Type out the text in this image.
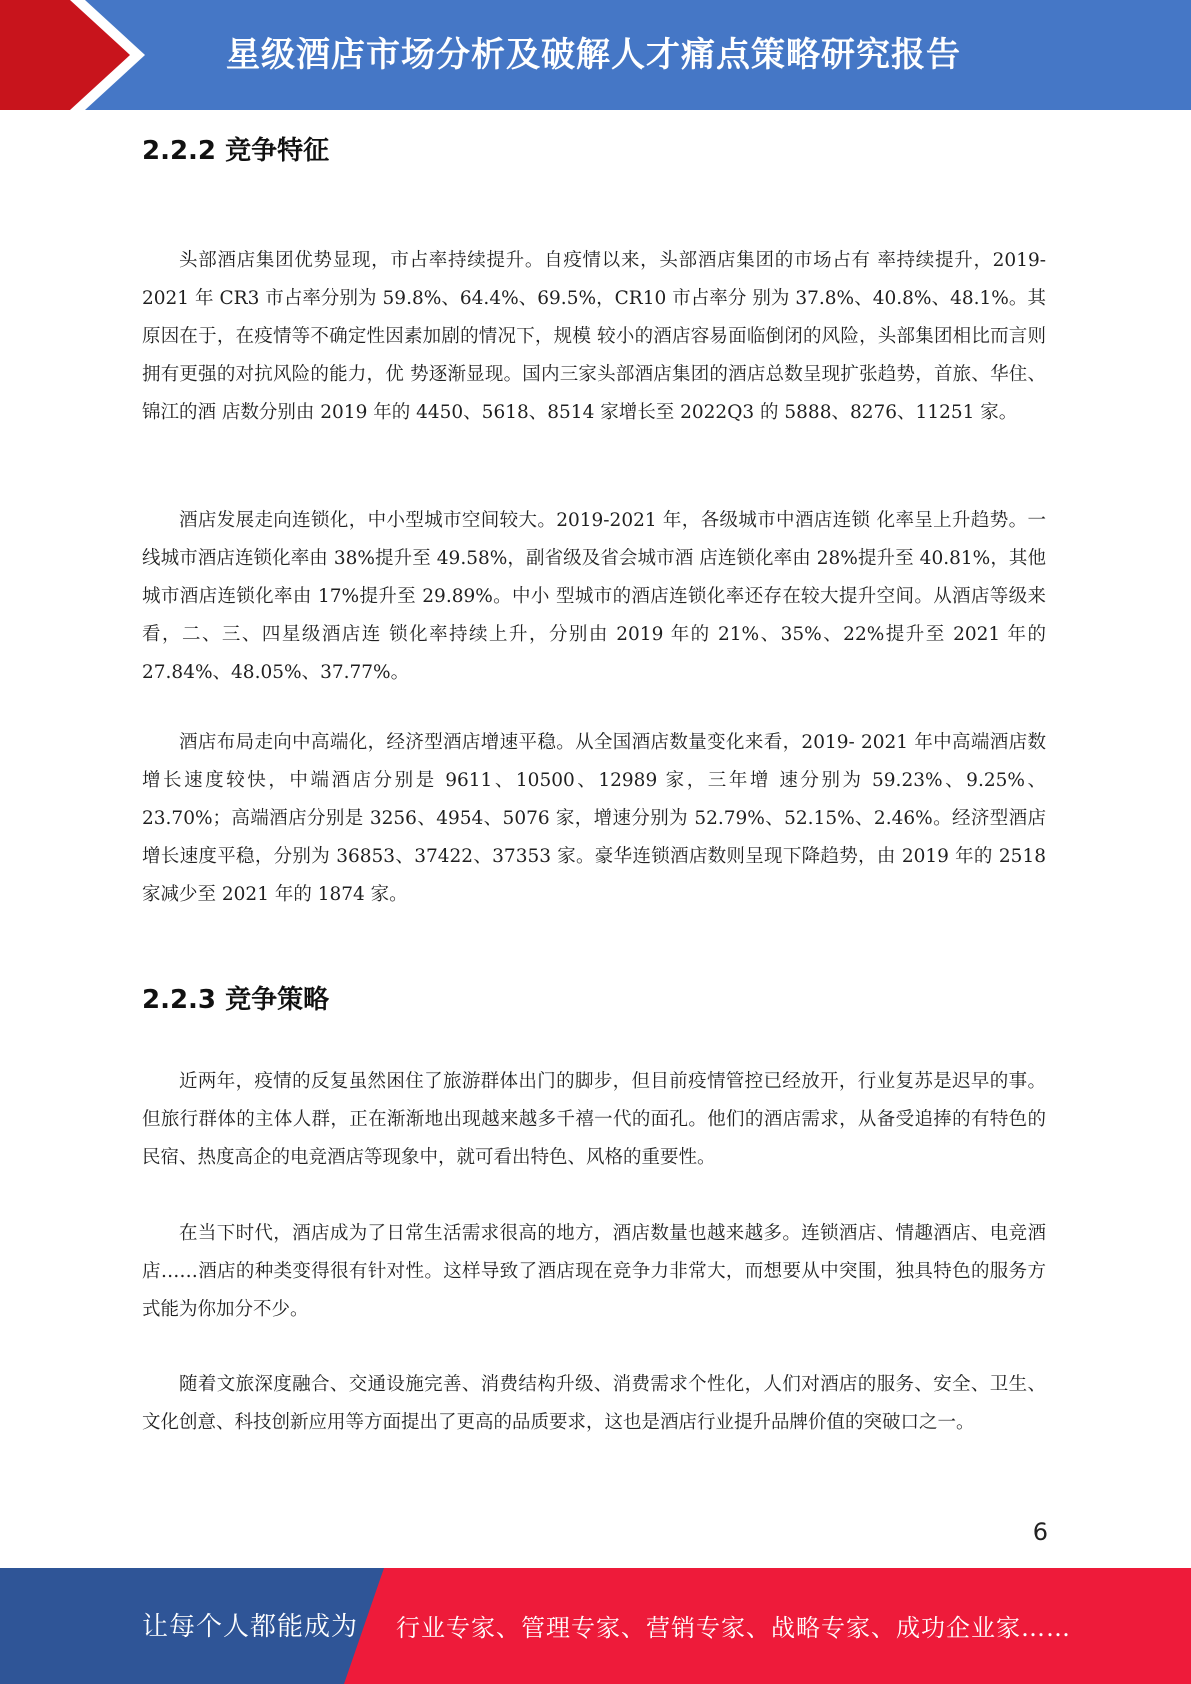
星级酒店市场分析及破解人才痛点策略研究报告
2.2.2 竞争特征

头部酒店集团优势显现，市占率持续提升。自疫情以来，头部酒店集团的市场占有 率持续提升，2019-2021 年 CR3 市占率分别为 59.8%、64.4%、69.5%，CR10 市占率分 别为 37.8%、40.8%、48.1%。其原因在于，在疫情等不确定性因素加剧的情况下，规模 较小的酒店容易面临倒闭的风险，头部集团相比而言则拥有更强的对抗风险的能力，优 势逐渐显现。国内三家头部酒店集团的酒店总数呈现扩张趋势，首旅、华住、锦江的酒 店数分别由 2019 年的 4450、5618、8514 家增长至 2022Q3 的 5888、8276、11251 家。

酒店发展走向连锁化，中小型城市空间较大。2019-2021 年，各级城市中酒店连锁 化率呈上升趋势。一线城市酒店连锁化率由 38%提升至 49.58%，副省级及省会城市酒 店连锁化率由 28%提升至 40.81%，其他城市酒店连锁化率由 17%提升至 29.89%。中小 型城市的酒店连锁化率还存在较大提升空间。从酒店等级来看，二、三、四星级酒店连 锁化率持续上升，分别由 2019 年的 21%、35%、22%提升至 2021 年的 27.84%、48.05%、37.77%。

酒店布局走向中高端化，经济型酒店增速平稳。从全国酒店数量变化来看，2019- 2021 年中高端酒店数增长速度较快，中端酒店分别是 9611、10500、12989 家，三年增 速分别为 59.23%、9.25%、23.70%；高端酒店分别是 3256、4954、5076 家，增速分别为 52.79%、52.15%、2.46%。经济型酒店增长速度平稳，分别为 36853、37422、37353 家。豪华连锁酒店数则呈现下降趋势，由 2019 年的 2518 家减少至 2021 年的 1874 家。

2.2.3 竞争策略

近两年，疫情的反复虽然困住了旅游群体出门的脚步，但目前疫情管控已经放开，行业复苏是迟早的事。但旅行群体的主体人群，正在渐渐地出现越来越多千禧一代的面孔。他们的酒店需求，从备受追捧的有特色的民宿、热度高企的电竞酒店等现象中，就可看出特色、风格的重要性。

在当下时代，酒店成为了日常生活需求很高的地方，酒店数量也越来越多。连锁酒店、情趣酒店、电竞酒店……酒店的种类变得很有针对性。这样导致了酒店现在竞争力非常大，而想要从中突围，独具特色的服务方式能为你加分不少。

随着文旅深度融合、交通设施完善、消费结构升级、消费需求个性化，人们对酒店的服务、安全、卫生、文化创意、科技创新应用等方面提出了更高的品质要求，这也是酒店行业提升品牌价值的突破口之一。

6
让每个人都能成为 行业专家、管理专家、营销专家、战略专家、成功企业家……
